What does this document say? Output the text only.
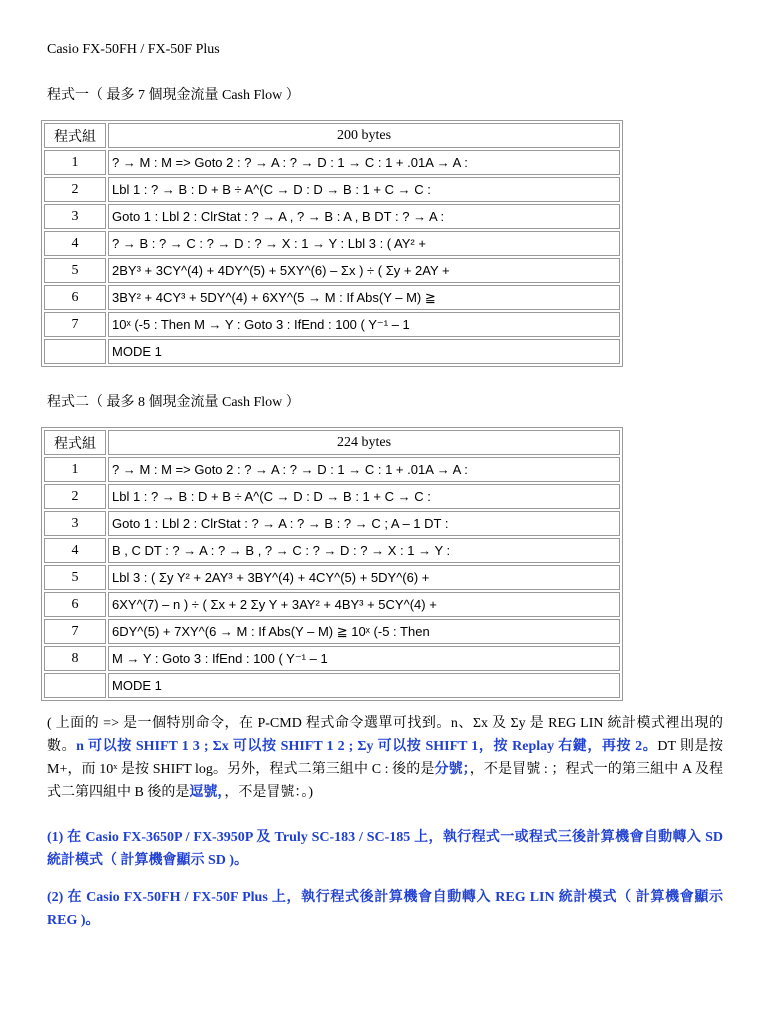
Casio FX-50FH / FX-50F Plus
程式一（ 最多 7 個現金流量 Cash Flow ）
程式組	200 bytes
1	? → M : M => Goto 2 : ? → A : ? → D : 1 → C : 1 + .01A → A :
2	Lbl 1 : ? → B : D + B ÷ A^(C → D : D → B : 1 + C → C :
3	Goto 1 : Lbl 2 : ClrStat : ? → A , ? → B : A , B DT : ? → A :
4	? → B : ? → C : ? → D : ? → X : 1 → Y : Lbl 3 : ( AY² +
5	2BY³ + 3CY^(4) + 4DY^(5) + 5XY^(6) – Σx ) ÷ ( Σy + 2AY +
6	3BY² + 4CY³ + 5DY^(4) + 6XY^(5 → M : If Abs(Y – M) ≧
7	10ˣ (-5 : Then M → Y : Goto 3 : IfEnd : 100 ( Y⁻¹ – 1
	MODE 1
程式二（ 最多 8 個現金流量 Cash Flow ）
程式組	224 bytes
1	? → M : M => Goto 2 : ? → A : ? → D : 1 → C : 1 + .01A → A :
2	Lbl 1 : ? → B : D + B ÷ A^(C → D : D → B : 1 + C → C :
3	Goto 1 : Lbl 2 : ClrStat : ? → A : ? → B : ? → C ; A – 1 DT :
4	B , C DT : ? → A : ? → B , ? → C : ? → D : ? → X : 1 → Y :
5	Lbl 3 : ( Σy Y² + 2AY³ + 3BY^(4) + 4CY^(5) + 5DY^(6) +
6	6XY^(7) – n ) ÷ ( Σx + 2 Σy Y + 3AY² + 4BY³ + 5CY^(4) +
7	6DY^(5) + 7XY^(6 → M : If Abs(Y – M) ≧ 10ˣ (-5 : Then
8	M → Y : Goto 3 : IfEnd : 100 ( Y⁻¹ – 1
	MODE 1
( 上面的 => 是一個特別命令，在 P-CMD 程式命令選單可找到。n、Σx 及 Σy 是 REG LIN 統計模式裡出現的數。n 可以按 SHIFT 1 3 ; Σx 可以按 SHIFT 1 2 ; Σy 可以按 SHIFT 1，按 Replay 右鍵，再按 2。DT 則是按 M+，而 10ˣ 是按 SHIFT log。另外，程式二第三組中 C : 後的是分號；，不是冒號 : ；程式一的第三組中 A 及程式二第四組中 B 後的是逗號，，不是冒號：。)
(1) 在 Casio FX-3650P / FX-3950P 及 Truly SC-183 / SC-185 上，執行程式一或程式三後計算機會自動轉入 SD 統計模式（ 計算機會顯示 SD )。
(2) 在 Casio FX-50FH / FX-50F Plus 上，執行程式後計算機會自動轉入 REG LIN 統計模式（ 計算機會顯示 REG )。
